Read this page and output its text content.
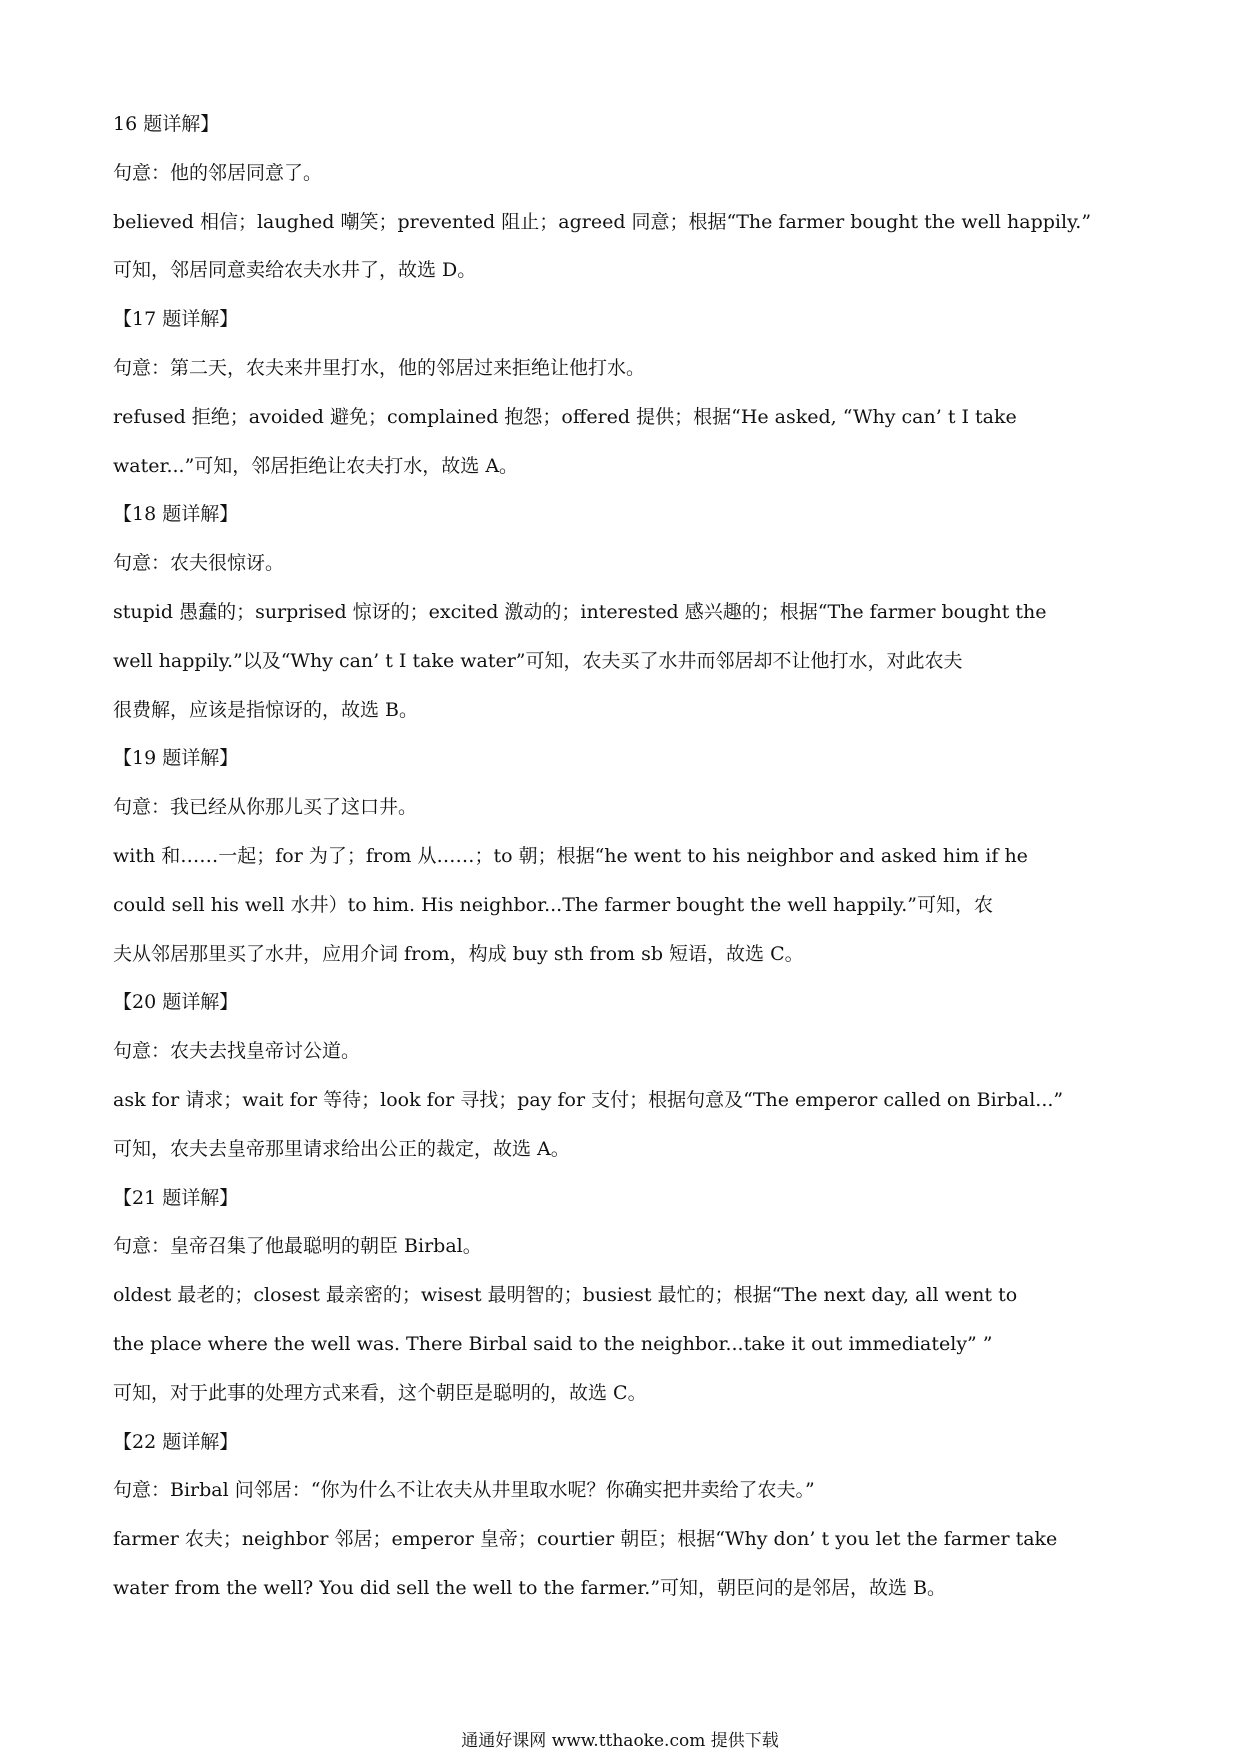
16 题详解】
句意：他的邻居同意了。
believed 相信；laughed 嘲笑；prevented 阻止；agreed 同意；根据“The farmer bought the well happily.”
可知，邻居同意卖给农夫水井了，故选 D。
【17 题详解】
句意：第二天，农夫来井里打水，他的邻居过来拒绝让他打水。
refused 拒绝；avoided 避免；complained 抱怨；offered 提供；根据“He asked, “Why can’ t I take
water...”可知，邻居拒绝让农夫打水，故选 A。
【18 题详解】
句意：农夫很惊讶。
stupid 愚蠢的；surprised 惊讶的；excited 激动的；interested 感兴趣的；根据“The farmer bought the
well happily.”以及“Why can’ t I take water”可知，农夫买了水井而邻居却不让他打水，对此农夫
很费解，应该是指惊讶的，故选 B。
【19 题详解】
句意：我已经从你那儿买了这口井。
with 和……一起；for 为了；from 从……；to 朝；根据“he went to his neighbor and asked him if he
could sell his well 水井）to him. His neighbor...The farmer bought the well happily.”可知，农
夫从邻居那里买了水井，应用介词 from，构成 buy sth from sb 短语，故选 C。
【20 题详解】
句意：农夫去找皇帝讨公道。
ask for 请求；wait for 等待；look for 寻找；pay for 支付；根据句意及“The emperor called on Birbal...”
可知，农夫去皇帝那里请求给出公正的裁定，故选 A。
【21 题详解】
句意：皇帝召集了他最聪明的朝臣 Birbal。
oldest 最老的；closest 最亲密的；wisest 最明智的；busiest 最忙的；根据“The next day, all went to
the place where the well was. There Birbal said to the neighbor...take it out immediately” ”
可知，对于此事的处理方式来看，这个朝臣是聪明的，故选 C。
【22 题详解】
句意：Birbal 问邻居：“你为什么不让农夫从井里取水呢？你确实把井卖给了农夫。”
farmer 农夫；neighbor 邻居；emperor 皇帝；courtier 朝臣；根据“Why don’ t you let the farmer take
water from the well? You did sell the well to the farmer.”可知，朝臣问的是邻居，故选 B。
通通好课网 www.tthaoke.com 提供下载
